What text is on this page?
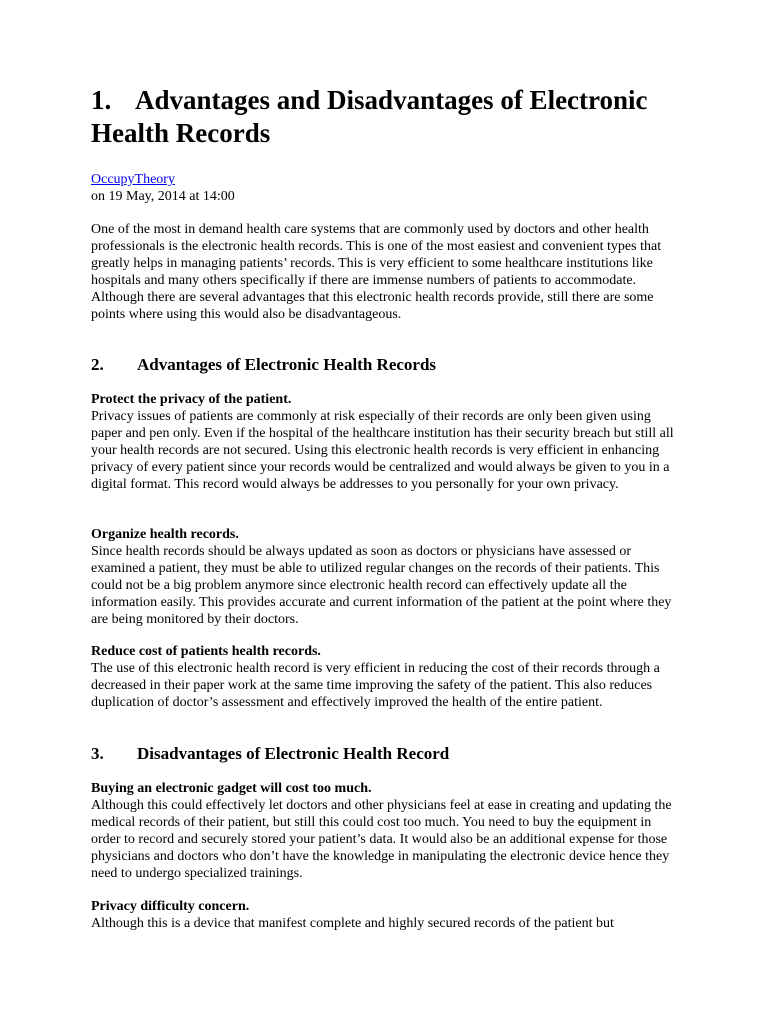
1. Advantages and Disadvantages of Electronic Health Records
OccupyTheory
on 19 May, 2014 at 14:00

One of the most in demand health care systems that are commonly used by doctors and other health professionals is the electronic health records. This is one of the most easiest and convenient types that greatly helps in managing patients’ records. This is very efficient to some healthcare institutions like hospitals and many others specifically if there are immense numbers of patients to accommodate. Although there are several advantages that this electronic health records provide, still there are some points where using this would also be disadvantageous.

2. Advantages of Electronic Health Records

Protect the privacy of the patient.

Privacy issues of patients are commonly at risk especially of their records are only been given using paper and pen only. Even if the hospital of the healthcare institution has their security breach but still all your health records are not secured. Using this electronic health records is very efficient in enhancing privacy of every patient since your records would be centralized and would always be given to you in a digital format. This record would always be addresses to you personally for your own privacy.

Organize health records.

Since health records should be always updated as soon as doctors or physicians have assessed or examined a patient, they must be able to utilized regular changes on the records of their patients. This could not be a big problem anymore since electronic health record can effectively update all the information easily. This provides accurate and current information of the patient at the point where they are being monitored by their doctors.

Reduce cost of patients health records.

The use of this electronic health record is very efficient in reducing the cost of their records through a decreased in their paper work at the same time improving the safety of the patient. This also reduces duplication of doctor’s assessment and effectively improved the health of the entire patient.

3. Disadvantages of Electronic Health Record

Buying an electronic gadget will cost too much.

Although this could effectively let doctors and other physicians feel at ease in creating and updating the medical records of their patient, but still this could cost too much. You need to buy the equipment in order to record and securely stored your patient’s data. It would also be an additional expense for those physicians and doctors who don’t have the knowledge in manipulating the electronic device hence they need to undergo specialized trainings.

Privacy difficulty concern.

Although this is a device that manifest complete and highly secured records of the patient but
